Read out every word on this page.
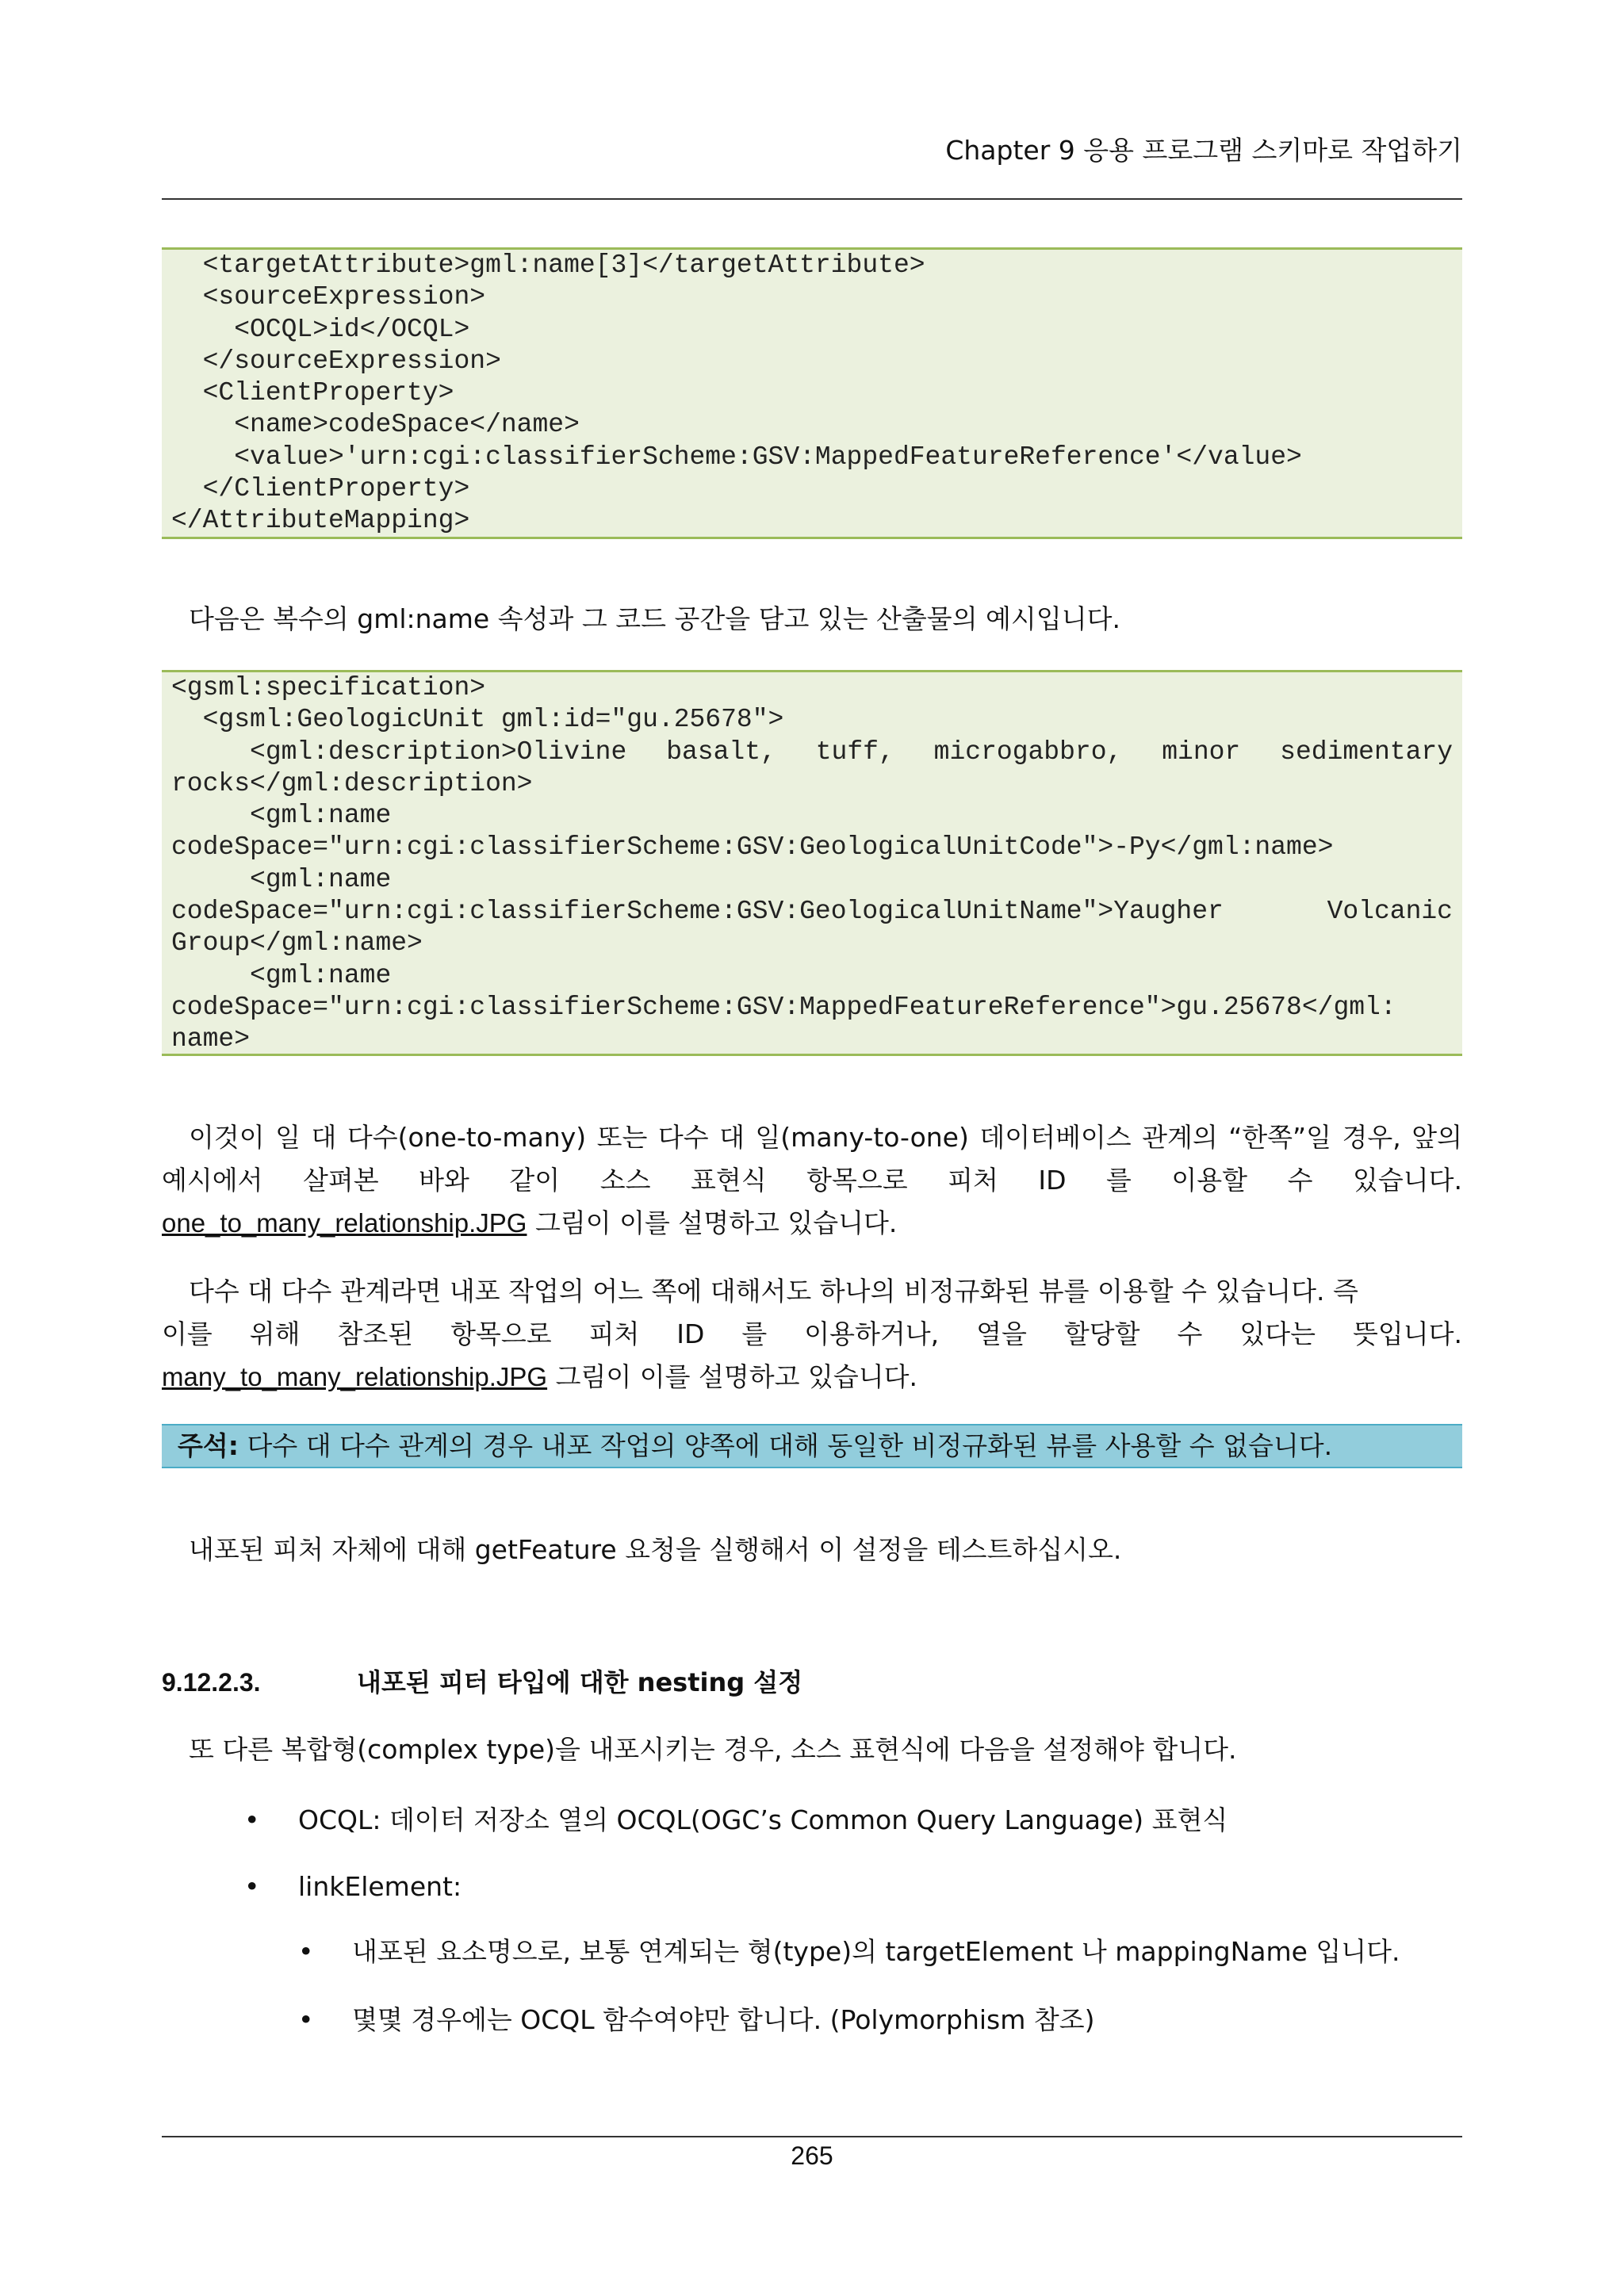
Chapter 9 응용 프로그램 스키마로 작업하기
<targetAttribute>gml:name[3]</targetAttribute>
<sourceExpression>
<OCQL>id</OCQL>
</sourceExpression>
<ClientProperty>
<name>codeSpace</name>
<value>'urn:cgi:classifierScheme:GSV:MappedFeatureReference'</value>
</ClientProperty>
</AttributeMapping>
다음은 복수의 gml:name 속성과 그 코드 공간을 담고 있는 산출물의 예시입니다.
<gsml:specification>
<gsml:GeologicUnit gml:id="gu.25678">
<gml:description>Olivine basalt, tuff, microgabbro, minor sedimentary
rocks</gml:description>
<gml:name
codeSpace="urn:cgi:classifierScheme:GSV:GeologicalUnitCode">-Py</gml:name>
<gml:name
codeSpace="urn:cgi:classifierScheme:GSV:GeologicalUnitName">Yaugher	Volcanic
Group</gml:name>
<gml:name
codeSpace="urn:cgi:classifierScheme:GSV:MappedFeatureReference">gu.25678</gml:
name>
이것이 일 대 다수(one-to-many) 또는 다수 대 일(many-to-one) 데이터베이스 관계의 “한쪽”일 경우, 앞의
예시에서 살펴본 바와 같이 소스 표현식 항목으로 피처 ID 를 이용할 수 있습니다.
one_to_many_relationship.JPG 그림이 이를 설명하고 있습니다.
다수 대 다수 관계라면 내포 작업의 어느 쪽에 대해서도 하나의 비정규화된 뷰를 이용할 수 있습니다. 즉
이를 위해 참조된 항목으로 피처 ID 를 이용하거나, 열을 할당할 수 있다는 뜻입니다.
many_to_many_relationship.JPG 그림이 이를 설명하고 있습니다.
주석: 다수 대 다수 관계의 경우 내포 작업의 양쪽에 대해 동일한 비정규화된 뷰를 사용할 수 없습니다.
내포된 피처 자체에 대해 getFeature 요청을 실행해서 이 설정을 테스트하십시오.
9.12.2.3.	내포된 피터 타입에 대한 nesting 설정
또 다른 복합형(complex type)을 내포시키는 경우, 소스 표현식에 다음을 설정해야 합니다.
• OCQL: 데이터 저장소 열의 OCQL(OGC’s Common Query Language) 표현식
• linkElement:
• 내포된 요소명으로, 보통 연계되는 형(type)의 targetElement 나 mappingName 입니다.
• 몇몇 경우에는 OCQL 함수여야만 합니다. (Polymorphism 참조)
265
